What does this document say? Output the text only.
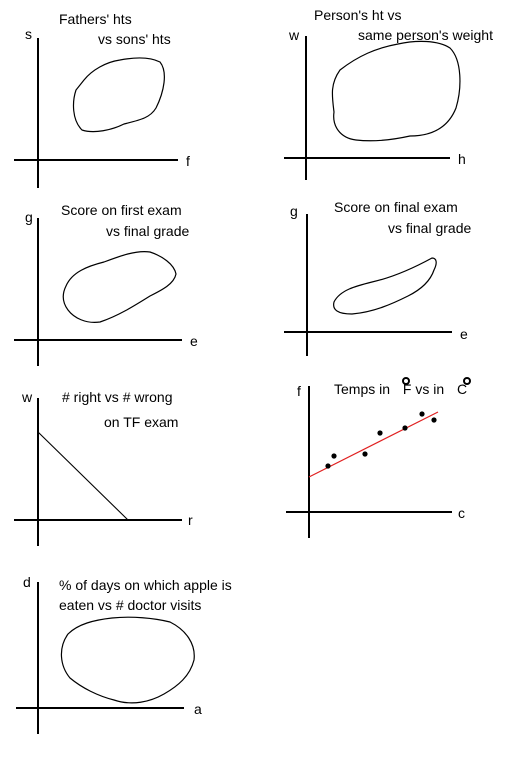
Fathers' hts
vs sons' hts
s
f
Person's ht vs
same person's weight
w
h
Score on first exam
vs final grade
g
e
Score on final exam
vs final grade
g
e
# right vs # wrong
on TF exam
w
r
Temps in F vs in C
f
c
% of days on which apple is
eaten vs # doctor visits
d
a
